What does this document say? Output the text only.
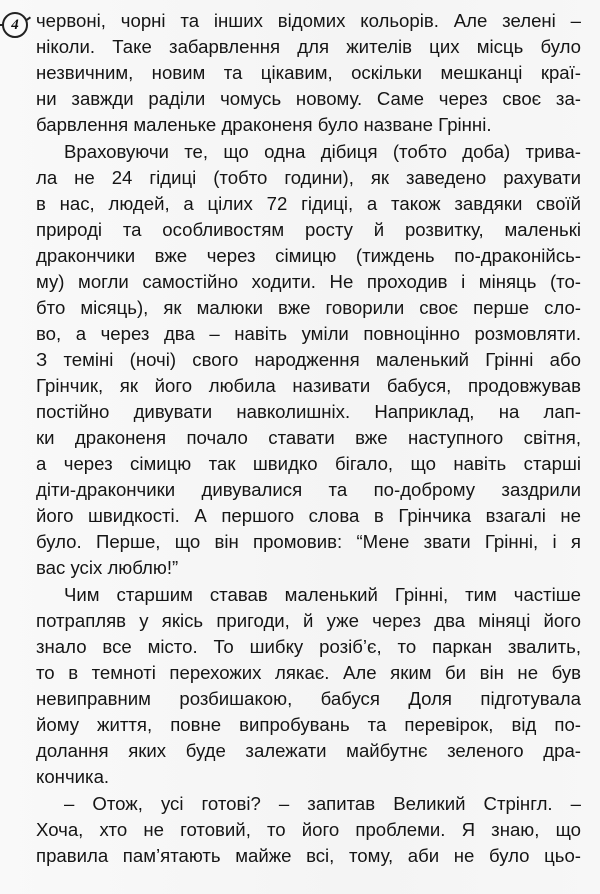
4 червоні, чорні та інших відомих кольорів. Але зелені –
ніколи. Таке забарвлення для жителів цих місць було
незвичним, новим та цікавим, оскільки мешканці краї-
ни завжди раділи чомусь новому. Саме через своє за-
барвлення маленьке драконеня було назване Грінні.
Враховуючи те, що одна дібиця (тобто доба) трива-
ла не 24 гідиці (тобто години), як заведено рахувати
в нас, людей, а цілих 72 гідиці, а також завдяки своїй
природі та особливостям росту й розвитку, маленькі
дракончики вже через сімицю (тиждень по-драконійсь-
му) могли самостійно ходити. Не проходив і міняць (то-
бто місяць), як малюки вже говорили своє перше сло-
во, а через два – навіть уміли повноцінно розмовляти.
З теміні (ночі) свого народження маленький Грінні або
Грінчик, як його любила називати бабуся, продовжував
постійно дивувати навколишніх. Наприклад, на лап-
ки драконеня почало ставати вже наступного світня,
а через сімицю так швидко бігало, що навіть старші
діти-дракончики дивувалися та по-доброму заздрили
його швидкості. А першого слова в Грінчика взагалі не
було. Перше, що він промовив: “Мене звати Грінні, і я
вас усіх люблю!”
Чим старшим ставав маленький Грінні, тим частіше
потрапляв у якісь пригоди, й уже через два міняці його
знало все місто. То шибку розіб’є, то паркан звалить,
то в темноті перехожих лякає. Але яким би він не був
невиправним розбишакою, бабуся Доля підготувала
йому життя, повне випробувань та перевірок, від по-
долання яких буде залежати майбутнє зеленого дра-
кончика.
– Отож, усі готові? – запитав Великий Стрінгл. –
Хоча, хто не готовий, то його проблеми. Я знаю, що
правила пам’ятають майже всі, тому, аби не було цьо-
